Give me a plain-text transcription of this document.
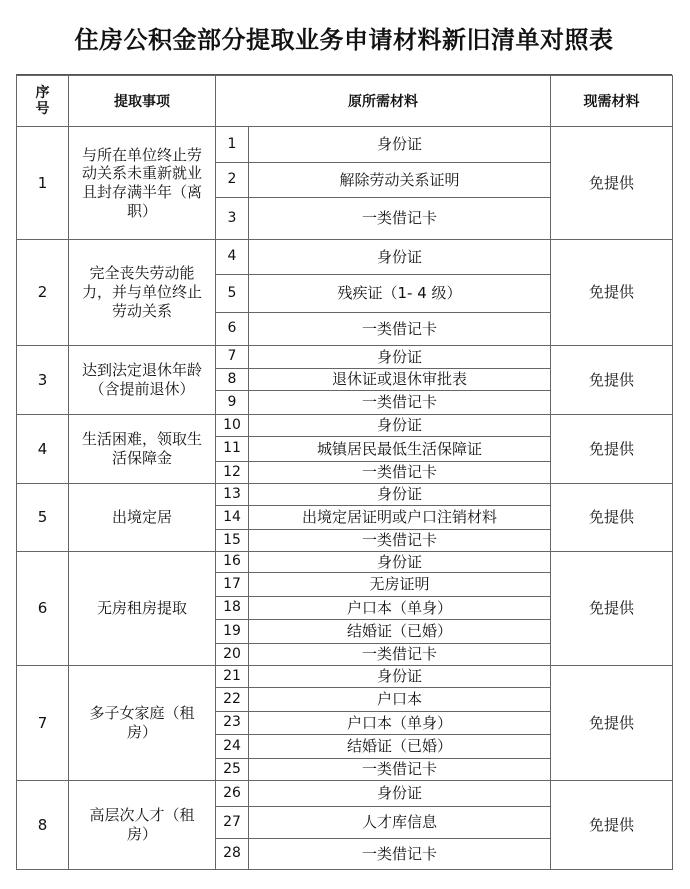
住房公积金部分提取业务申请材料新旧清单对照表
序
号	提取事项	原所需材料		现需材料
1	与所在单位终止劳动关系未重新就业且封存满半年（离职）	1	身份证	免提供
		2	解除劳动关系证明	
		3	一类借记卡	
2	完全丧失劳动能力，并与单位终止劳动关系	4	身份证	免提供
		5	残疾证（1- 4 级）	
		6	一类借记卡	
3	达到法定退休年龄（含提前退休）	7	身份证	免提供
		8	退休证或退休审批表	
		9	一类借记卡	
4	生活困难，领取生活保障金	10	身份证	免提供
		11	城镇居民最低生活保障证	
		12	一类借记卡	
5	出境定居	13	身份证	免提供
		14	出境定居证明或户口注销材料	
		15	一类借记卡	
6	无房租房提取	16	身份证	免提供
		17	无房证明	
		18	户口本（单身）	
		19	结婚证（已婚）	
		20	一类借记卡	
7	多子女家庭（租房）	21	身份证	免提供
		22	户口本	
		23	户口本（单身）	
		24	结婚证（已婚）	
		25	一类借记卡	
8	高层次人才（租房）	26	身份证	免提供
		27	人才库信息	
		28	一类借记卡	
